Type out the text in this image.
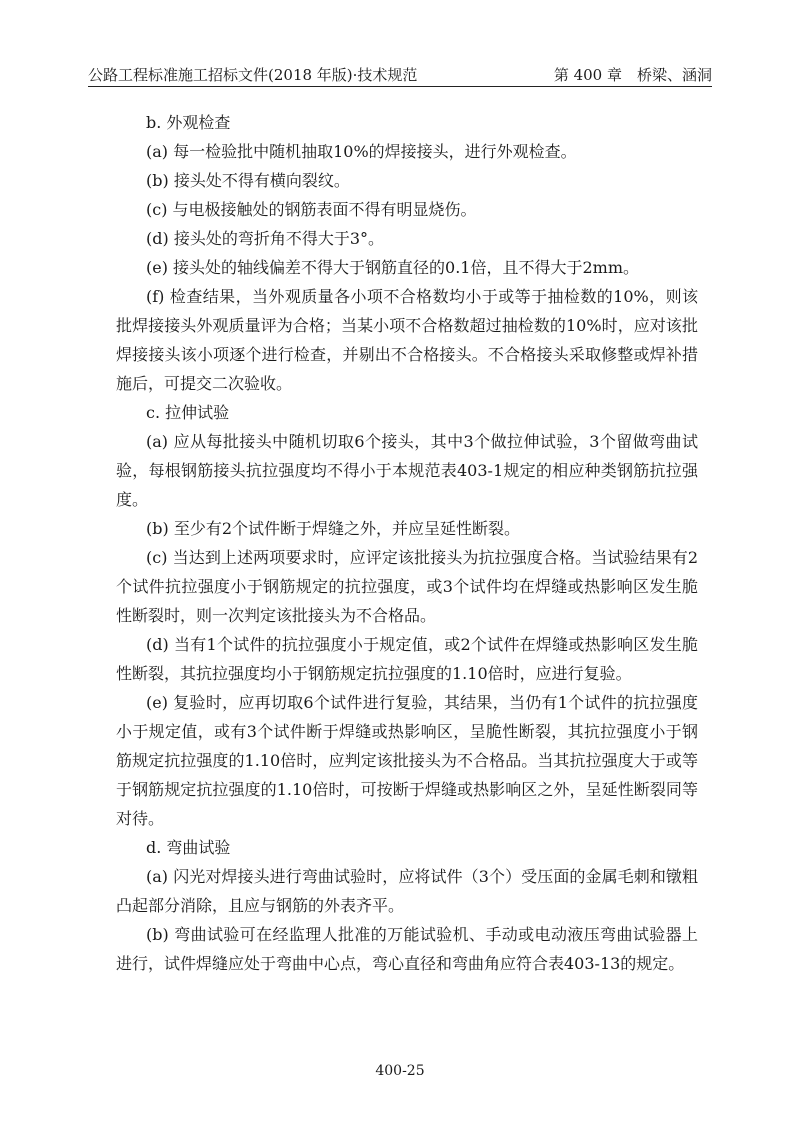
公路工程标准施工招标文件(2018 年版)·技术规范	第 400 章　桥梁、涵洞

b. 外观检查

(a) 每一检验批中随机抽取10%的焊接接头，进行外观检查。

(b) 接头处不得有横向裂纹。

(c) 与电极接触处的钢筋表面不得有明显烧伤。

(d) 接头处的弯折角不得大于3°。

(e) 接头处的轴线偏差不得大于钢筋直径的0.1倍，且不得大于2mm。

(f) 检查结果，当外观质量各小项不合格数均小于或等于抽检数的10%，则该批焊接接头外观质量评为合格；当某小项不合格数超过抽检数的10%时，应对该批焊接接头该小项逐个进行检查，并剔出不合格接头。不合格接头采取修整或焊补措施后，可提交二次验收。

c. 拉伸试验

(a) 应从每批接头中随机切取6个接头，其中3个做拉伸试验，3个留做弯曲试验，每根钢筋接头抗拉强度均不得小于本规范表403-1规定的相应种类钢筋抗拉强度。

(b) 至少有2个试件断于焊缝之外，并应呈延性断裂。

(c) 当达到上述两项要求时，应评定该批接头为抗拉强度合格。当试验结果有2个试件抗拉强度小于钢筋规定的抗拉强度，或3个试件均在焊缝或热影响区发生脆性断裂时，则一次判定该批接头为不合格品。

(d) 当有1个试件的抗拉强度小于规定值，或2个试件在焊缝或热影响区发生脆性断裂，其抗拉强度均小于钢筋规定抗拉强度的1.10倍时，应进行复验。

(e) 复验时，应再切取6个试件进行复验，其结果，当仍有1个试件的抗拉强度小于规定值，或有3个试件断于焊缝或热影响区，呈脆性断裂，其抗拉强度小于钢筋规定抗拉强度的1.10倍时，应判定该批接头为不合格品。当其抗拉强度大于或等于钢筋规定抗拉强度的1.10倍时，可按断于焊缝或热影响区之外，呈延性断裂同等对待。

d. 弯曲试验

(a) 闪光对焊接头进行弯曲试验时，应将试件（3个）受压面的金属毛刺和镦粗凸起部分消除，且应与钢筋的外表齐平。

(b) 弯曲试验可在经监理人批准的万能试验机、手动或电动液压弯曲试验器上进行，试件焊缝应处于弯曲中心点，弯心直径和弯曲角应符合表403-13的规定。

400-25
